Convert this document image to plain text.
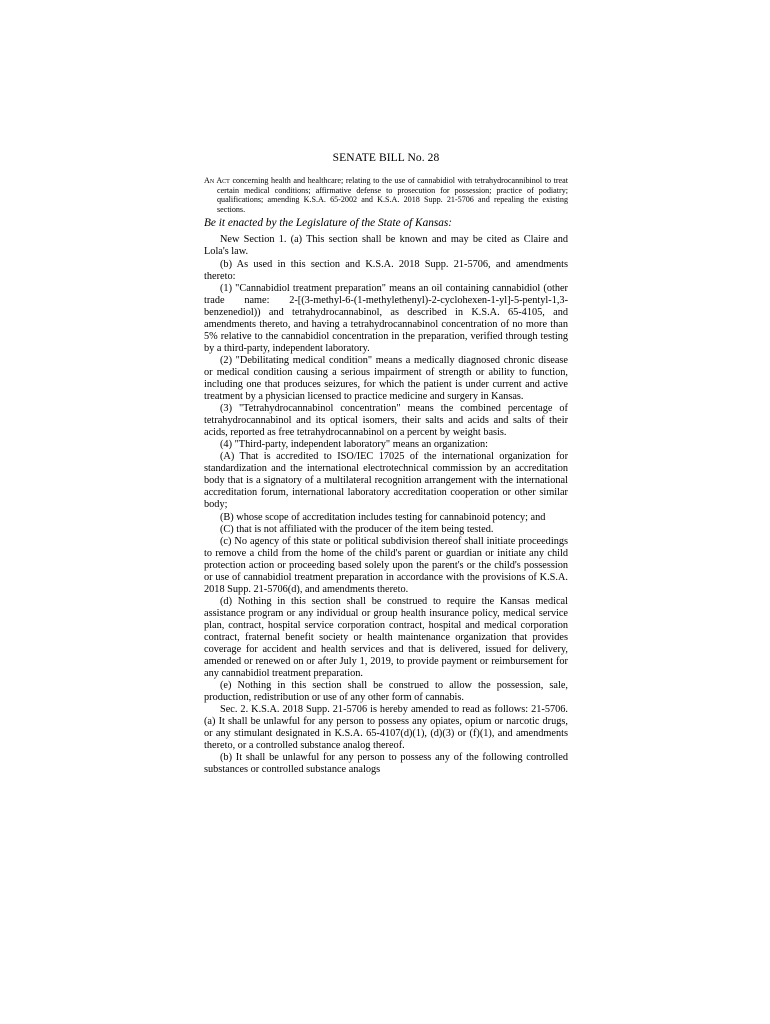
SENATE BILL No. 28
An Act concerning health and healthcare; relating to the use of cannabidiol with tetrahydrocannibinol to treat certain medical conditions; affirmative defense to prosecution for possession; practice of podiatry; qualifications; amending K.S.A. 65-2002 and K.S.A. 2018 Supp. 21-5706 and repealing the existing sections.
Be it enacted by the Legislature of the State of Kansas:

New Section 1. (a) This section shall be known and may be cited as Claire and Lola's law.

(b) As used in this section and K.S.A. 2018 Supp. 21-5706, and amendments thereto:

(1) "Cannabidiol treatment preparation" means an oil containing cannabidiol (other trade name: 2-[(3-methyl-6-(1-methylethenyl)-2-cyclohexen-1-yl]-5-pentyl-1,3-benzenediol)) and tetrahydrocannabinol, as described in K.S.A. 65-4105, and amendments thereto, and having a tetrahydrocannabinol concentration of no more than 5% relative to the cannabidiol concentration in the preparation, verified through testing by a third-party, independent laboratory.

(2) "Debilitating medical condition" means a medically diagnosed chronic disease or medical condition causing a serious impairment of strength or ability to function, including one that produces seizures, for which the patient is under current and active treatment by a physician licensed to practice medicine and surgery in Kansas.

(3) "Tetrahydrocannabinol concentration" means the combined percentage of tetrahydrocannabinol and its optical isomers, their salts and acids and salts of their acids, reported as free tetrahydrocannabinol on a percent by weight basis.

(4) "Third-party, independent laboratory" means an organization:

(A) That is accredited to ISO/IEC 17025 of the international organization for standardization and the international electrotechnical commission by an accreditation body that is a signatory of a multilateral recognition arrangement with the international accreditation forum, international laboratory accreditation cooperation or other similar body;

(B) whose scope of accreditation includes testing for cannabinoid potency; and

(C) that is not affiliated with the producer of the item being tested.

(c) No agency of this state or political subdivision thereof shall initiate proceedings to remove a child from the home of the child's parent or guardian or initiate any child protection action or proceeding based solely upon the parent's or the child's possession or use of cannabidiol treatment preparation in accordance with the provisions of K.S.A. 2018 Supp. 21-5706(d), and amendments thereto.

(d) Nothing in this section shall be construed to require the Kansas medical assistance program or any individual or group health insurance policy, medical service plan, contract, hospital service corporation contract, hospital and medical corporation contract, fraternal benefit society or health maintenance organization that provides coverage for accident and health services and that is delivered, issued for delivery, amended or renewed on or after July 1, 2019, to provide payment or reimbursement for any cannabidiol treatment preparation.

(e) Nothing in this section shall be construed to allow the possession, sale, production, redistribution or use of any other form of cannabis.

Sec. 2. K.S.A. 2018 Supp. 21-5706 is hereby amended to read as follows: 21-5706. (a) It shall be unlawful for any person to possess any opiates, opium or narcotic drugs, or any stimulant designated in K.S.A. 65-4107(d)(1), (d)(3) or (f)(1), and amendments thereto, or a controlled substance analog thereof.

(b) It shall be unlawful for any person to possess any of the following controlled substances or controlled substance analogs
